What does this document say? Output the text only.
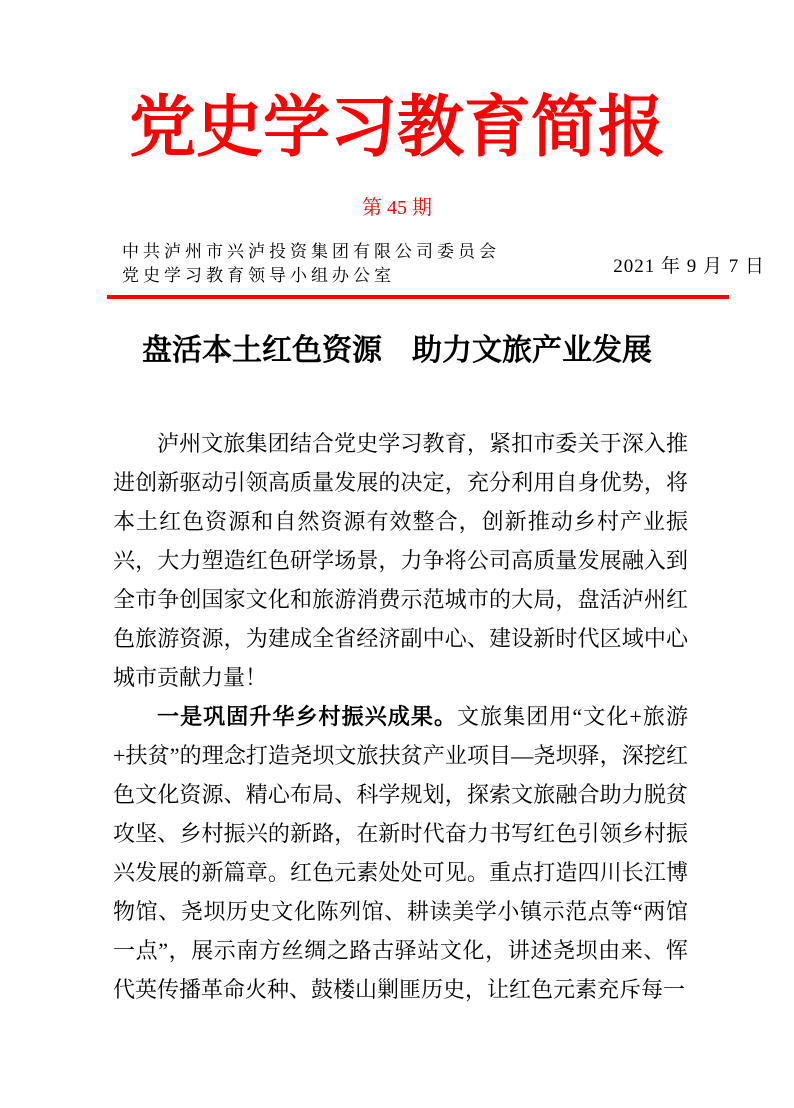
党史学习教育简报
第 45 期
中共泸州市兴泸投资集团有限公司委员会
党史学习教育领导小组办公室	2021 年 9 月 7 日
盘活本土红色资源　助力文旅产业发展

泸州文旅集团结合党史学习教育，紧扣市委关于深入推进创新驱动引领高质量发展的决定，充分利用自身优势，将本土红色资源和自然资源有效整合，创新推动乡村产业振兴，大力塑造红色研学场景，力争将公司高质量发展融入到全市争创国家文化和旅游消费示范城市的大局，盘活泸州红色旅游资源，为建成全省经济副中心、建设新时代区域中心城市贡献力量！

一是巩固升华乡村振兴成果。文旅集团用“文化+旅游+扶贫”的理念打造尧坝文旅扶贫产业项目—尧坝驿，深挖红色文化资源、精心布局、科学规划，探索文旅融合助力脱贫攻坚、乡村振兴的新路，在新时代奋力书写红色引领乡村振兴发展的新篇章。红色元素处处可见。重点打造四川长江博物馆、尧坝历史文化陈列馆、耕读美学小镇示范点等“两馆一点”，展示南方丝绸之路古驿站文化，讲述尧坝由来、恽代英传播革命火种、鼓楼山剿匪历史，让红色元素充斥每一
